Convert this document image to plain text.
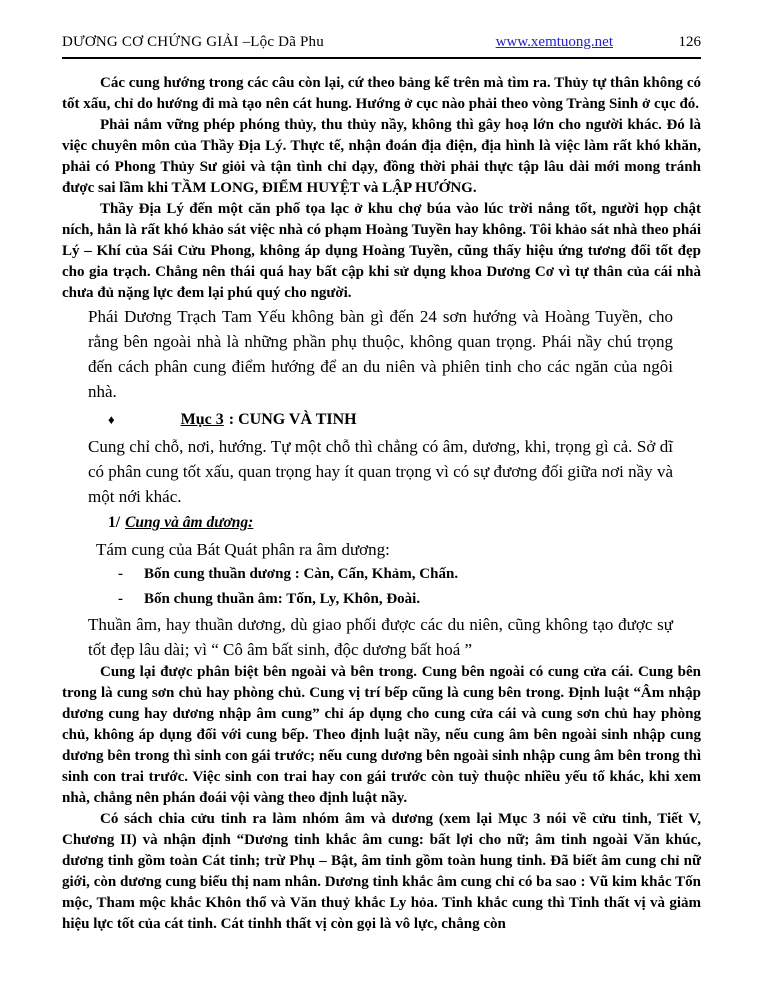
DƯƠNG CƠ CHỨNG GIẢI –Lộc Dã Phu	www.xemtuong.net	126

Các cung hướng trong các câu còn lại, cứ theo bảng kể trên mà tìm ra. Thủy tự thân không có tốt xấu, chỉ do hướng đi mà tạo nên cát hung. Hướng ở cục nào phải theo vòng Tràng Sinh ở cục đó.

Phải nắm vững phép phóng thủy, thu thủy nầy, không thì gây hoạ lớn cho người khác. Đó là việc chuyên môn của Thầy Địa Lý. Thực tế, nhận đoán địa điện, địa hình là việc làm rất khó khăn, phải có Phong Thủy Sư giỏi và tận tình chỉ dạy, đồng thời phải thực tập lâu dài mới mong tránh được sai lầm khi TẦM LONG, ĐIỂM HUYỆT và LẬP HƯỚNG.

Thầy Địa Lý đến một căn phố tọa lạc ở khu chợ búa vào lúc trời nắng tốt, người họp chật ních, hẳn là rất khó khảo sát việc nhà có phạm Hoàng Tuyền hay không. Tôi khảo sát nhà theo phái Lý – Khí của Sái Cửu Phong, không áp dụng Hoàng Tuyền, cũng thấy hiệu ứng tương đối tốt đẹp cho gia trạch. Chẳng nên thái quá hay bất cập khi sử dụng khoa Dương Cơ vì tự thân của cái nhà chưa đủ nặng lực đem lại phú quý cho người.

Phái Dương Trạch Tam Yếu không bàn gì đến 24 sơn hướng và Hoàng Tuyền, cho rằng bên ngoài nhà là những phần phụ thuộc, không quan trọng. Phái nầy chú trọng đến cách phân cung điểm hướng để an du niên và phiên tinh cho các ngăn của ngôi nhà.

♦	Mục 3 : CUNG VÀ TINH

Cung chỉ chỗ, nơi, hướng. Tự một chỗ thì chẳng có âm, dương, khi, trọng gì cả. Sở dĩ có phân cung tốt xấu, quan trọng hay ít quan trọng vì có sự đương đối giữa nơi nầy và một nới khác.

1/ Cung và âm dương:

Tám cung của Bát Quát phân ra âm dương:

-	Bốn cung thuần dương : Càn, Cấn, Khảm, Chấn.
-	Bốn chung thuần âm: Tốn, Ly, Khôn, Đoài.

Thuần âm, hay thuần dương, dù giao phối được các du niên, cũng không tạo được sự tốt đẹp lâu dài; vì “ Cô âm bất sinh, độc dương bất hoá ”

Cung lại được phân biệt bên ngoài và bên trong. Cung bên ngoài có cung cửa cái. Cung bên trong là cung sơn chủ hay phòng chủ. Cung vị trí bếp cũng là cung bên trong. Định luật “Âm nhập dương cung hay dương nhập âm cung” chỉ áp dụng cho cung cửa cái và cung sơn chủ hay phòng chủ, không áp dụng đối với cung bếp. Theo định luật nầy, nếu cung âm bên ngoài sinh nhập cung dương bên trong thì sinh con gái trước; nếu cung dương bên ngoài sinh nhập cung âm bên trong thì sinh con trai trước. Việc sinh con trai hay con gái trước còn tuỳ thuộc nhiều yếu tố khác, khi xem nhà, chẳng nên phán đoái vội vàng theo định luật nầy.

Có sách chia cửu tinh ra làm nhóm âm và dương (xem lại Mục 3 nói về cửu tinh, Tiết V, Chương II) và nhận định “Dương tinh khắc âm cung: bất lợi cho nữ; âm tinh ngoài Văn khúc, dương tinh gồm toàn Cát tinh; trừ Phụ – Bật, âm tinh gồm toàn hung tinh. Đã biết âm cung chỉ nữ giới, còn dương cung biểu thị nam nhân. Dương tinh khắc âm cung chỉ có ba sao : Vũ kim khắc Tốn mộc, Tham mộc khắc Khôn thổ và Văn thuỷ khắc Ly hỏa. Tinh khắc cung thì Tinh thất vị và giảm hiệu lực tốt của cát tinh. Cát tinhh thất vị còn gọi là vô lực, chẳng còn
